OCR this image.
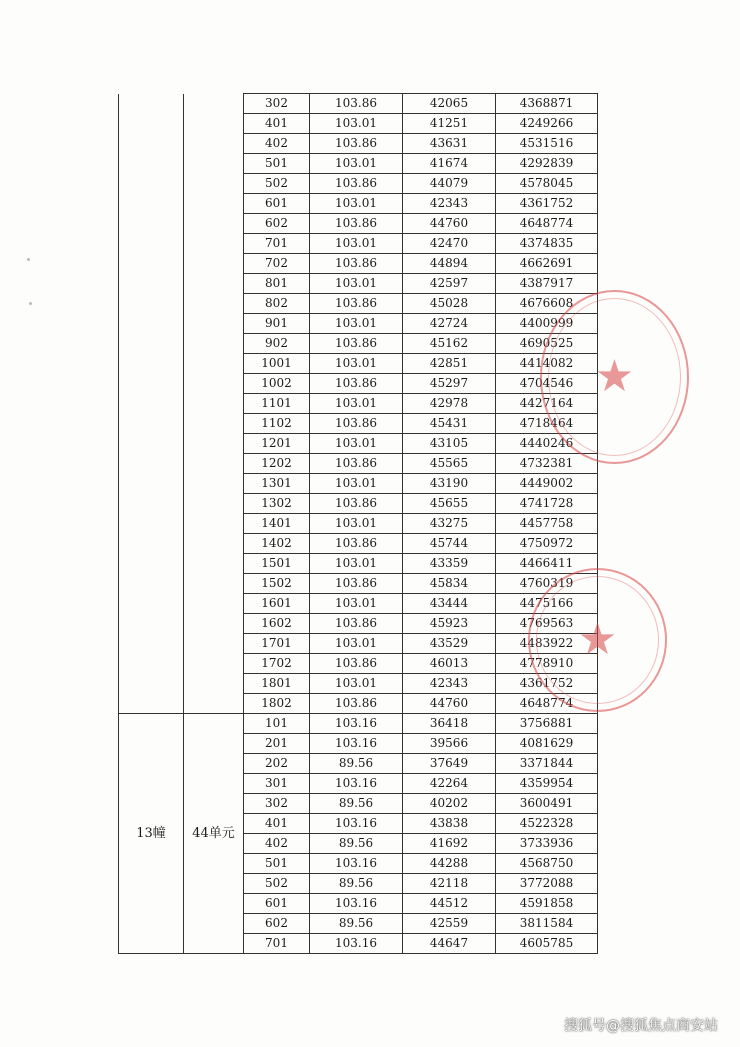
		302	103.86	42065	4368871
		401	103.01	41251	4249266
		402	103.86	43631	4531516
		501	103.01	41674	4292839
		502	103.86	44079	4578045
		601	103.01	42343	4361752
		602	103.86	44760	4648774
		701	103.01	42470	4374835
		702	103.86	44894	4662691
		801	103.01	42597	4387917
		802	103.86	45028	4676608
		901	103.01	42724	4400999
		902	103.86	45162	4690525
		1001	103.01	42851	4414082
		1002	103.86	45297	4704546
		1101	103.01	42978	4427164
		1102	103.86	45431	4718464
		1201	103.01	43105	4440246
		1202	103.86	45565	4732381
		1301	103.01	43190	4449002
		1302	103.86	45655	4741728
		1401	103.01	43275	4457758
		1402	103.86	45744	4750972
		1501	103.01	43359	4466411
		1502	103.86	45834	4760319
		1601	103.01	43444	4475166
		1602	103.86	45923	4769563
		1701	103.01	43529	4483922
		1702	103.86	46013	4778910
		1801	103.01	42343	4361752
		1802	103.86	44760	4648774
13幢	44单元	101	103.16	36418	3756881
		201	103.16	39566	4081629
		202	89.56	37649	3371844
		301	103.16	42264	4359954
		302	89.56	40202	3600491
		401	103.16	43838	4522328
		402	89.56	41692	3733936
		501	103.16	44288	4568750
		502	89.56	42118	3772088
		601	103.16	44512	4591858
		602	89.56	42559	3811584
		701	103.16	44647	4605785
★
★
搜狐号@搜狐焦点商安站
